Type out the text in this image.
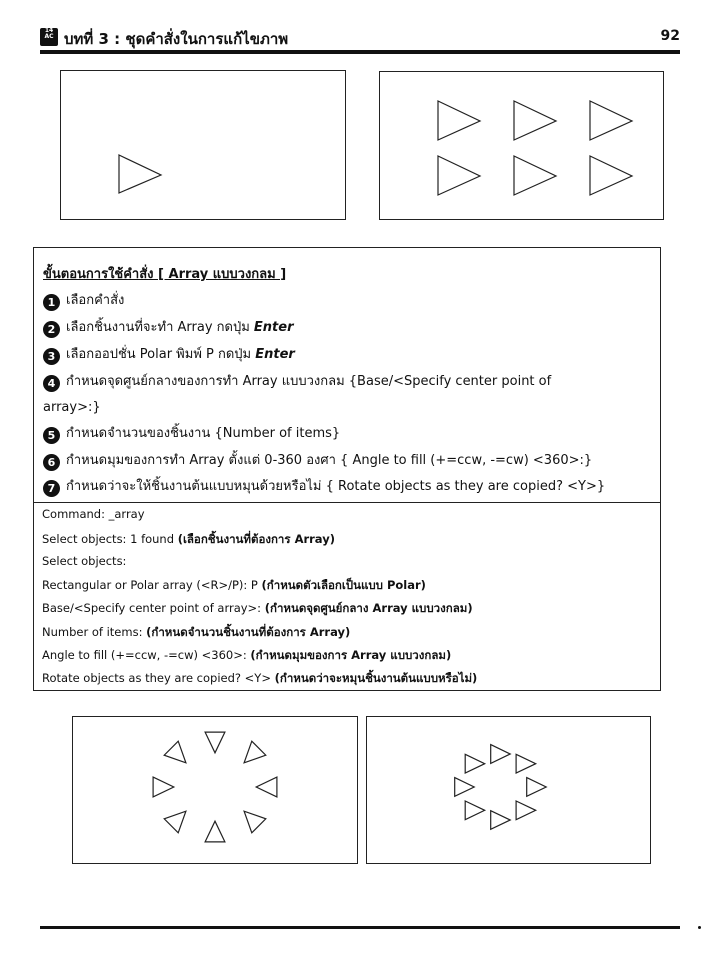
14
AC บทที่ 3 : ชุดคำสั่งในการแก้ไขภาพ	92
ขั้นตอนการใช้คำสั่ง [ Array แบบวงกลม ]
1 เลือกคำสั่ง
2 เลือกชิ้นงานที่จะทำ Array กดปุ่ม Enter
3 เลือกออปชั่น Polar พิมพ์ P กดปุ่ม Enter
4 กำหนดจุดศูนย์กลางของการทำ Array แบบวงกลม {Base/<Specify center point of
array>:}
5 กำหนดจำนวนของชิ้นงาน {Number of items}
6 กำหนดมุมของการทำ Array ตั้งแต่ 0-360 องศา { Angle to fill (+=ccw, -=cw) <360>:}
7 กำหนดว่าจะให้ชิ้นงานต้นแบบหมุนด้วยหรือไม่ { Rotate objects as they are copied? <Y>}
Command: _array
Select objects: 1 found (เลือกชิ้นงานที่ต้องการ Array)
Select objects:
Rectangular or Polar array (<R>/P): P (กำหนดตัวเลือกเป็นแบบ Polar)
Base/<Specify center point of array>: (กำหนดจุดศูนย์กลาง Array แบบวงกลม)
Number of items: (กำหนดจำนวนชิ้นงานที่ต้องการ Array)
Angle to fill (+=ccw, -=cw) <360>: (กำหนดมุมของการ Array แบบวงกลม)
Rotate objects as they are copied? <Y> (กำหนดว่าจะหมุนชิ้นงานต้นแบบหรือไม่)
